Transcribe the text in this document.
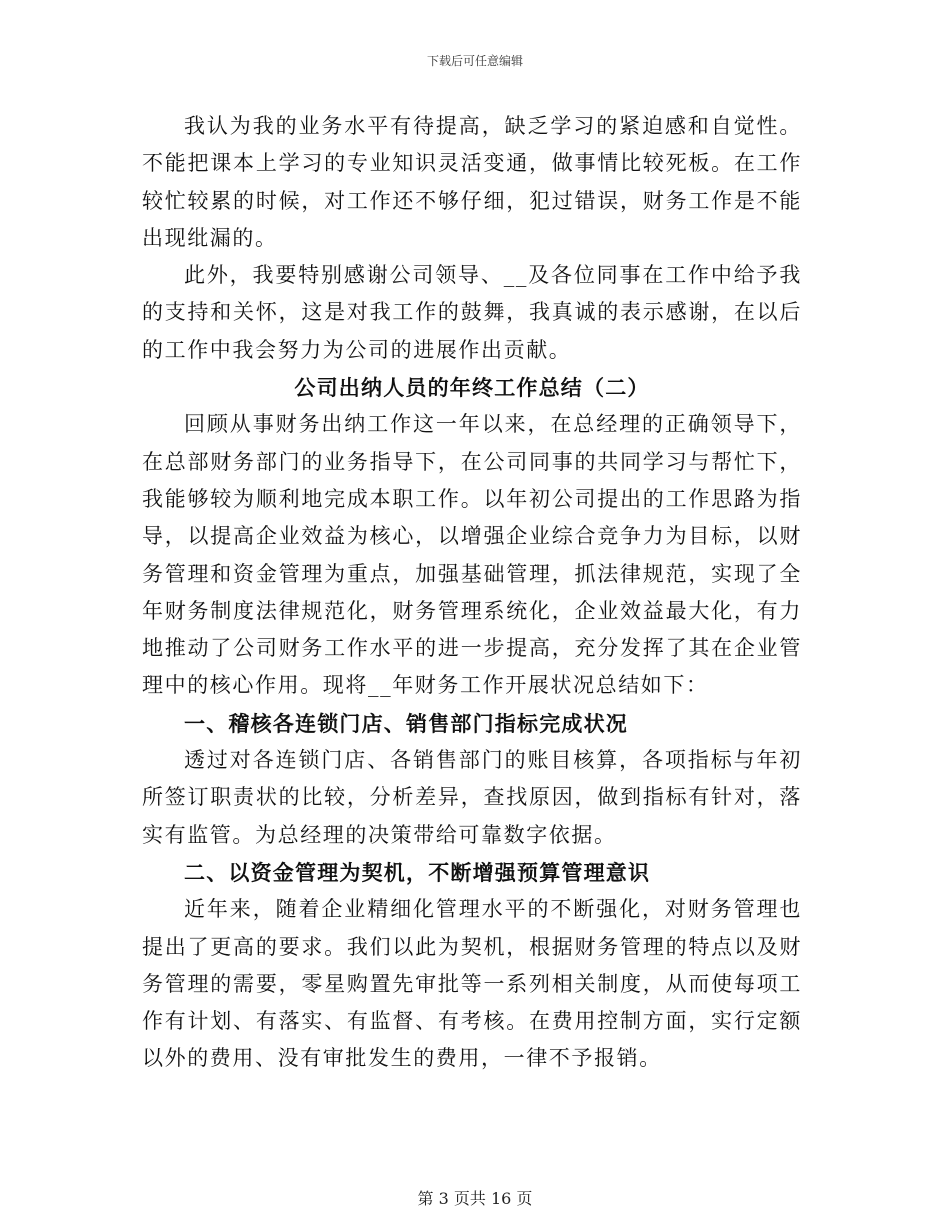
下载后可任意编辑

我认为我的业务水平有待提高，缺乏学习的紧迫感和自觉性。不能把课本上学习的专业知识灵活变通，做事情比较死板。在工作较忙较累的时候，对工作还不够仔细，犯过错误，财务工作是不能出现纰漏的。

此外，我要特别感谢公司领导、__及各位同事在工作中给予我的支持和关怀，这是对我工作的鼓舞，我真诚的表示感谢，在以后的工作中我会努力为公司的进展作出贡献。

公司出纳人员的年终工作总结（二）

回顾从事财务出纳工作这一年以来，在总经理的正确领导下，在总部财务部门的业务指导下，在公司同事的共同学习与帮忙下，我能够较为顺利地完成本职工作。以年初公司提出的工作思路为指导，以提高企业效益为核心，以增强企业综合竞争力为目标，以财务管理和资金管理为重点，加强基础管理，抓法律规范，实现了全年财务制度法律规范化，财务管理系统化，企业效益最大化，有力地推动了公司财务工作水平的进一步提高，充分发挥了其在企业管理中的核心作用。现将__年财务工作开展状况总结如下：

一、稽核各连锁门店、销售部门指标完成状况

透过对各连锁门店、各销售部门的账目核算，各项指标与年初所签订职责状的比较，分析差异，查找原因，做到指标有针对，落实有监管。为总经理的决策带给可靠数字依据。

二、以资金管理为契机，不断增强预算管理意识

近年来，随着企业精细化管理水平的不断强化，对财务管理也提出了更高的要求。我们以此为契机，根据财务管理的特点以及财务管理的需要，零星购置先审批等一系列相关制度，从而使每项工作有计划、有落实、有监督、有考核。在费用控制方面，实行定额以外的费用、没有审批发生的费用，一律不予报销。

第 3 页共 16 页
